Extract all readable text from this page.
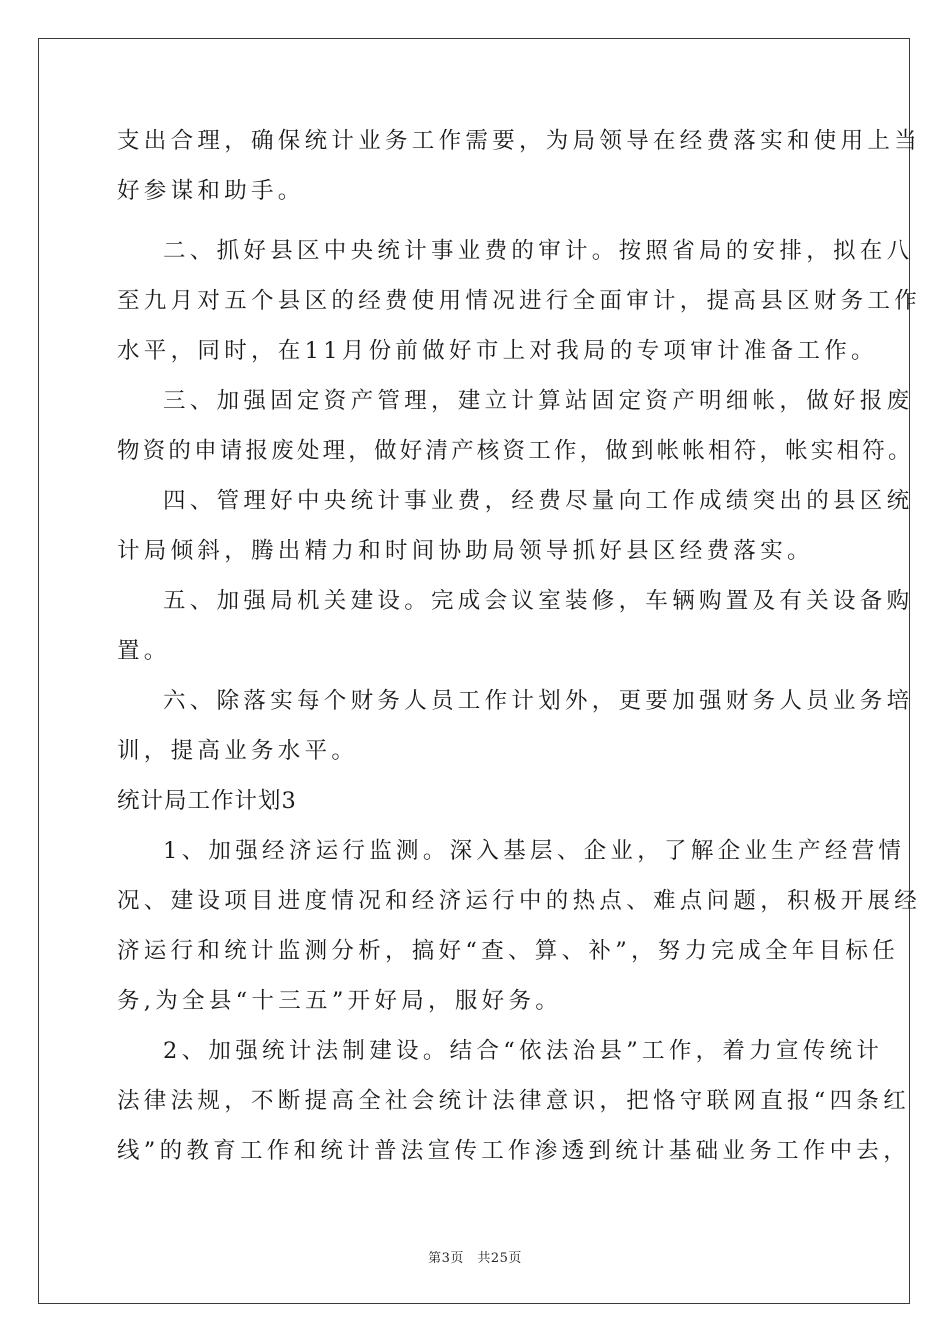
支出合理，确保统计业务工作需要，为局领导在经费落实和使用上当
好参谋和助手。
二、抓好县区中央统计事业费的审计。按照省局的安排，拟在八
至九月对五个县区的经费使用情况进行全面审计，提高县区财务工作
水平，同时，在11月份前做好市上对我局的专项审计准备工作。
三、加强固定资产管理，建立计算站固定资产明细帐，做好报废
物资的申请报废处理，做好清产核资工作，做到帐帐相符，帐实相符。
四、管理好中央统计事业费，经费尽量向工作成绩突出的县区统
计局倾斜，腾出精力和时间协助局领导抓好县区经费落实。
五、加强局机关建设。完成会议室装修，车辆购置及有关设备购
置。
六、除落实每个财务人员工作计划外，更要加强财务人员业务培
训，提高业务水平。
统计局工作计划3
1、加强经济运行监测。深入基层、企业，了解企业生产经营情
况、建设项目进度情况和经济运行中的热点、难点问题，积极开展经
济运行和统计监测分析，搞好“查、算、补”，努力完成全年目标任
务,为全县“十三五”开好局，服好务。
2、加强统计法制建设。结合“依法治县”工作，着力宣传统计
法律法规，不断提高全社会统计法律意识，把恪守联网直报“四条红
线”的教育工作和统计普法宣传工作渗透到统计基础业务工作中去，
第3页　共25页
